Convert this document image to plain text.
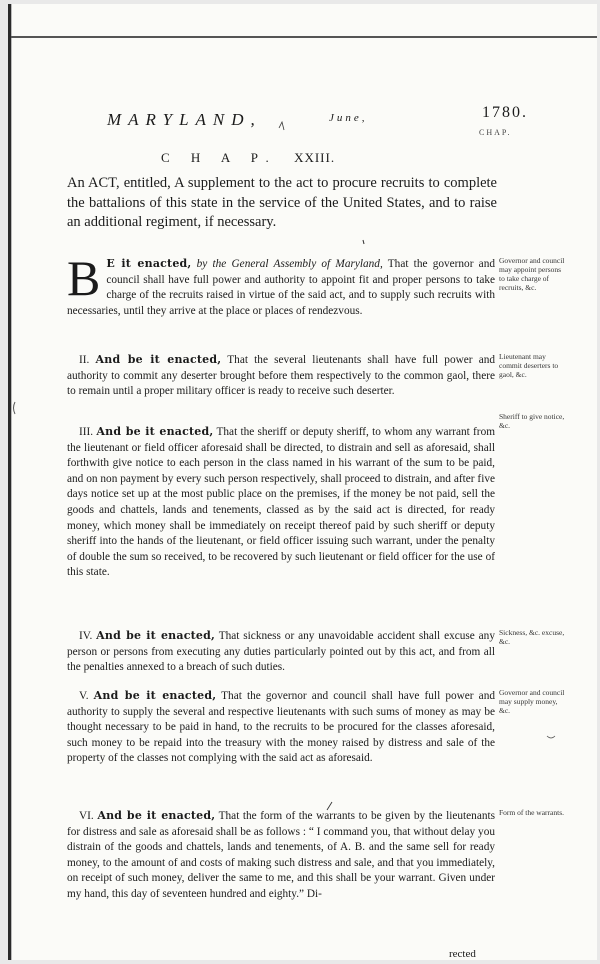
MARYLAND,	June,	1780.
CHAP.
C H A P. XXIII.
An ACT, entitled, A supplement to the act to procure recruits to complete the battalions of this state in the service of the United States, and to raise an additional regiment, if necessary.
B E it enacted, by the General Assembly of Maryland, That the governor and council shall have full power and authority to appoint fit and proper persons to take charge of the recruits raised in virtue of the said act, and to supply such recruits with necessaries, until they arrive at the place or places of rendezvous.
Governor and council may appoint persons to take charge of recruits, &c.
II. And be it enacted, That the several lieutenants shall have full power and authority to commit any deserter brought before them respectively to the common gaol, there to remain until a proper military officer is ready to receive such deserter.
Lieutenant may commit deserters to gaol, &c.
III. And be it enacted, That the sheriff or deputy sheriff, to whom any warrant from the lieutenant or field officer aforesaid shall be directed, to distrain and sell as aforesaid, shall forthwith give notice to each person in the class named in his warrant of the sum to be paid, and on non payment by every such person respectively, shall proceed to distrain, and after five days notice set up at the most public place on the premises, if the money be not paid, sell the goods and chattels, lands and tenements, classed as by the said act is directed, for ready money, which money shall be immediately on receipt thereof paid by such sheriff or deputy sheriff into the hands of the lieutenant, or field officer issuing such warrant, under the penalty of double the sum so received, to be recovered by such lieutenant or field officer for the use of this state.
Sheriff to give notice, &c.
IV. And be it enacted, That sickness or any unavoidable accident shall excuse any person or persons from executing any duties particularly pointed out by this act, and from all the penalties annexed to a breach of such duties.
Sickness, &c. excuse, &c.
V. And be it enacted, That the governor and council shall have full power and authority to supply the several and respective lieutenants with such sums of money as may be thought necessary to be paid in hand, to the recruits to be procured for the classes aforesaid, such money to be repaid into the treasury with the money raised by distress and sale of the property of the classes not complying with the said act as aforesaid.
Governor and council may supply money, &c.
VI. And be it enacted, That the form of the warrants to be given by the lieutenants for distress and sale as aforesaid shall be as follows : “ I command you, that without delay you distrain of the goods and chattels, lands and tenements, of A. B. and the same sell for ready money, to the amount of and costs of making such distress and sale, and that you immediately, on receipt of such money, deliver the same to me, and this shall be your warrant. Given under my hand, this day of seventeen hundred and eighty.” Di-
Form of the warrants.
rected
